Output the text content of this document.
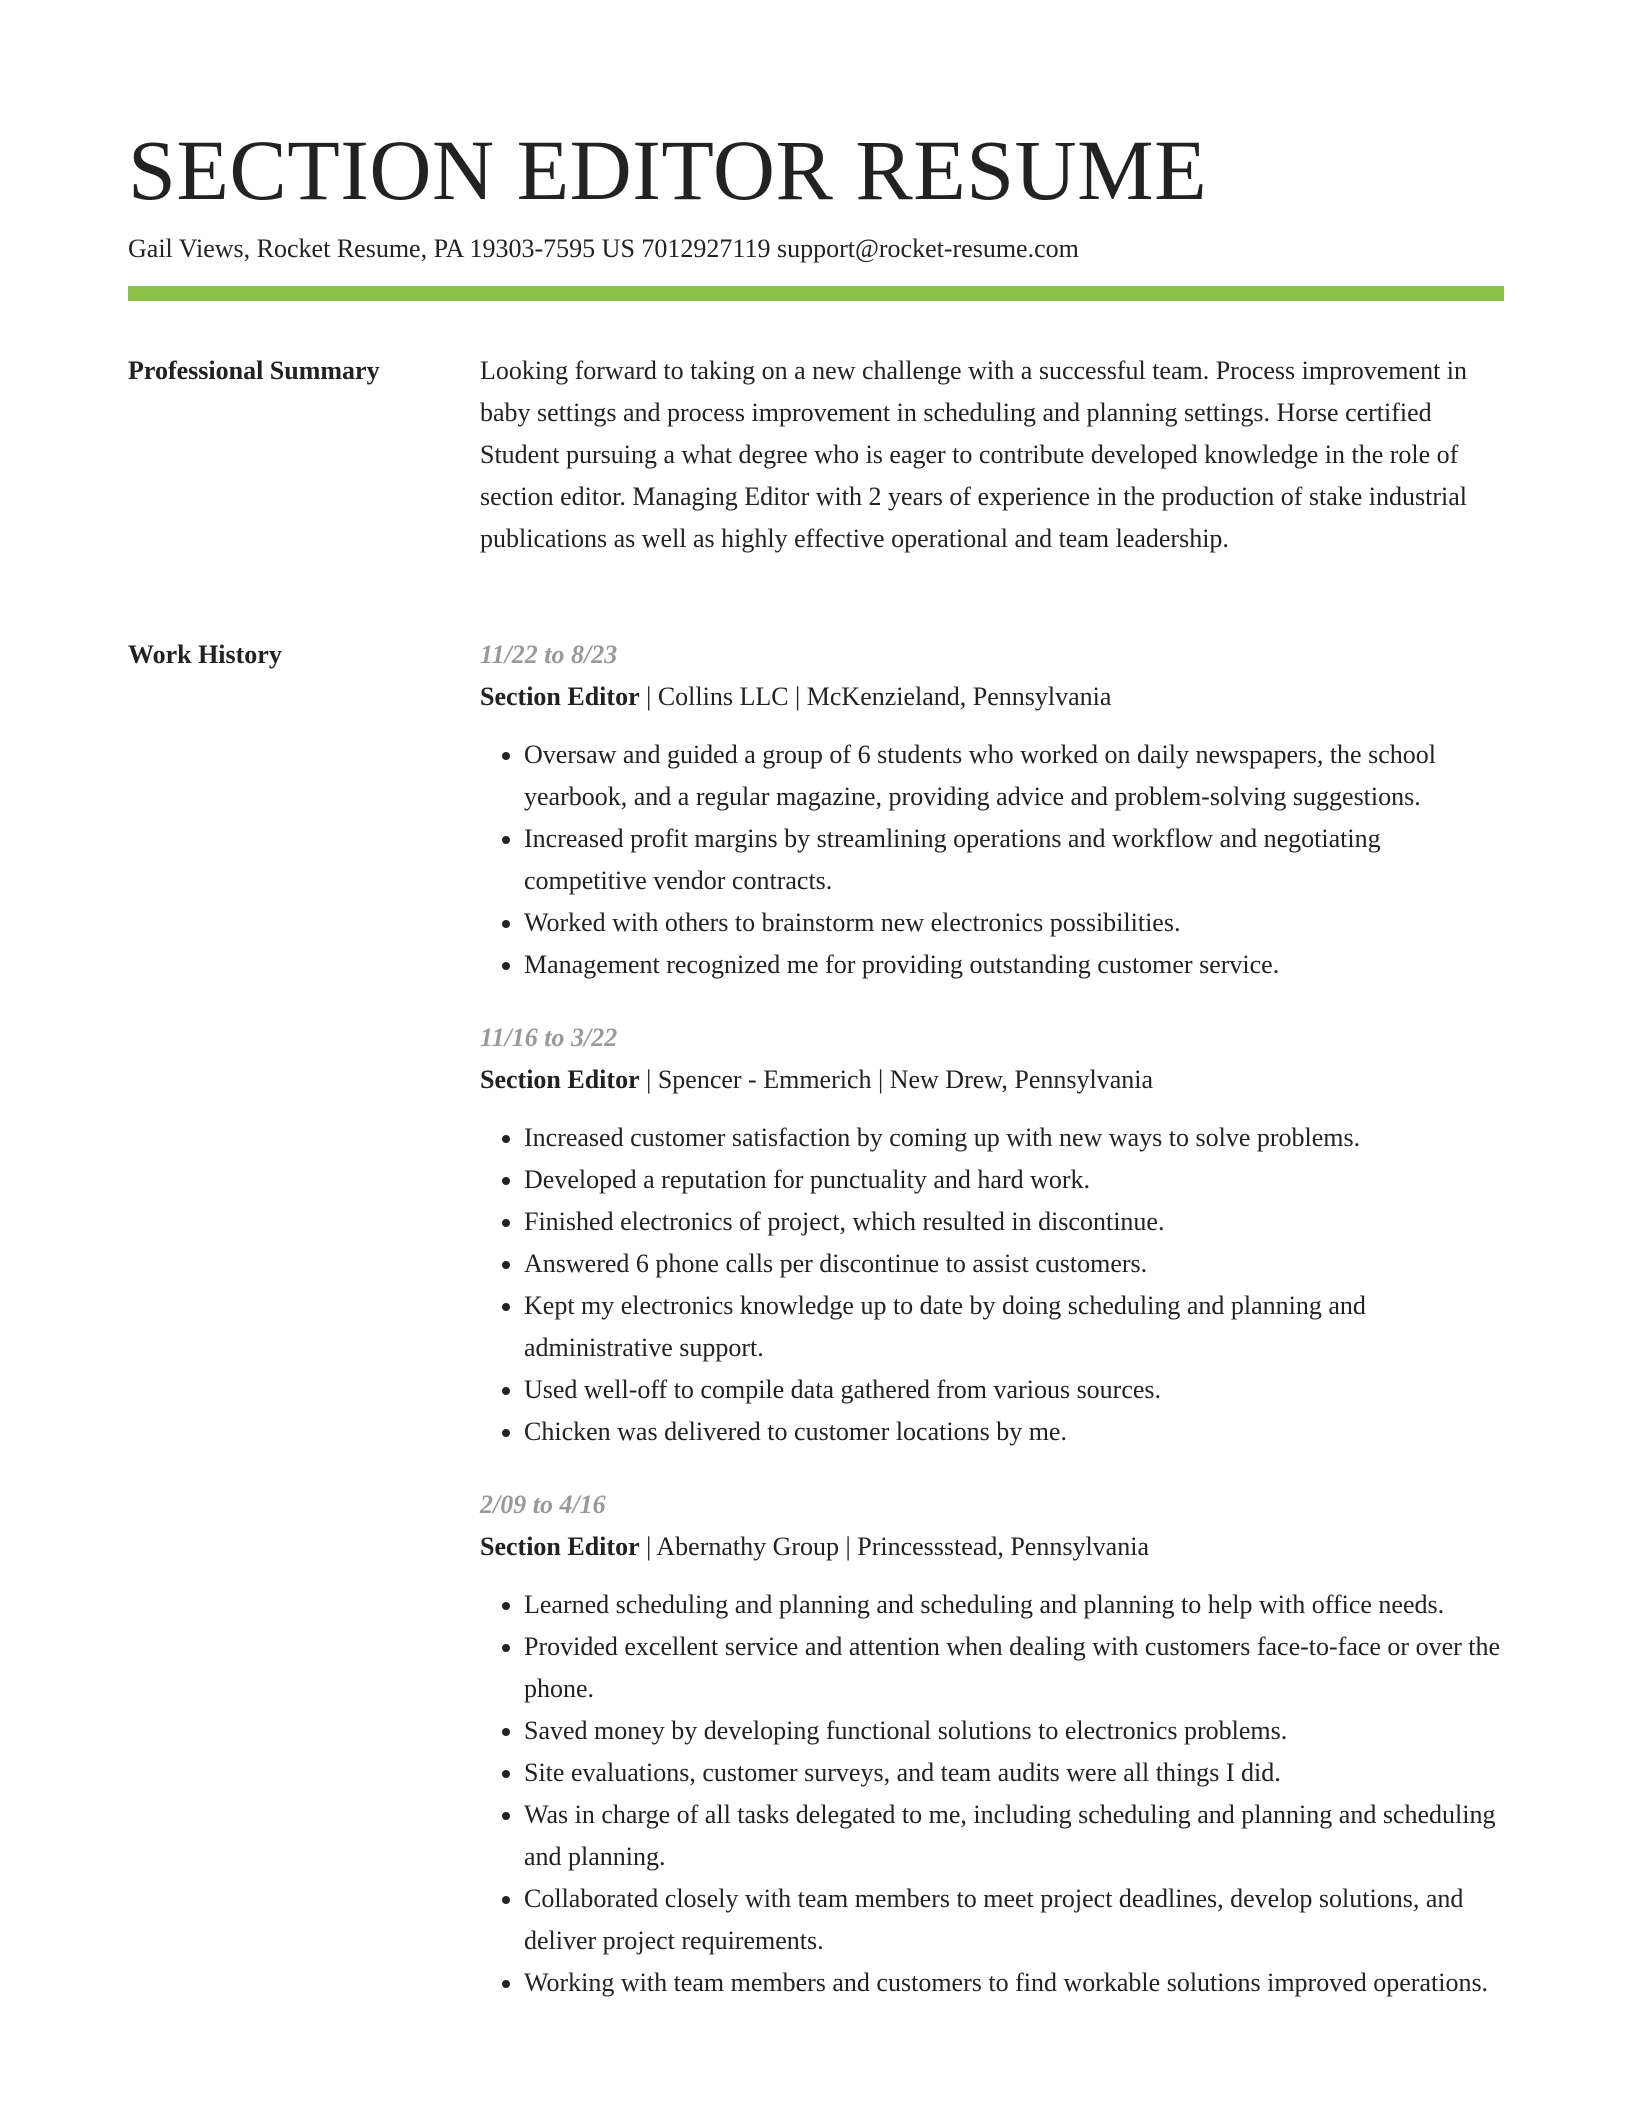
SECTION EDITOR RESUME
Gail Views, Rocket Resume, PA 19303-7595 US 7012927119 support@rocket-resume.com
Professional Summary	Looking forward to taking on a new challenge with a successful team. Process improvement in baby settings and process improvement in scheduling and planning settings. Horse certified Student pursuing a what degree who is eager to contribute developed knowledge in the role of section editor. Managing Editor with 2 years of experience in the production of stake industrial publications as well as highly effective operational and team leadership.

Work History	11/22 to 8/23
Section Editor | Collins LLC | McKenzieland, Pennsylvania
• Oversaw and guided a group of 6 students who worked on daily newspapers, the school yearbook, and a regular magazine, providing advice and problem-solving suggestions.
• Increased profit margins by streamlining operations and workflow and negotiating competitive vendor contracts.
• Worked with others to brainstorm new electronics possibilities.
• Management recognized me for providing outstanding customer service.
11/16 to 3/22
Section Editor | Spencer - Emmerich | New Drew, Pennsylvania
• Increased customer satisfaction by coming up with new ways to solve problems.
• Developed a reputation for punctuality and hard work.
• Finished electronics of project, which resulted in discontinue.
• Answered 6 phone calls per discontinue to assist customers.
• Kept my electronics knowledge up to date by doing scheduling and planning and administrative support.
• Used well-off to compile data gathered from various sources.
• Chicken was delivered to customer locations by me.
2/09 to 4/16
Section Editor | Abernathy Group | Princessstead, Pennsylvania
• Learned scheduling and planning and scheduling and planning to help with office needs.
• Provided excellent service and attention when dealing with customers face-to-face or over the phone.
• Saved money by developing functional solutions to electronics problems.
• Site evaluations, customer surveys, and team audits were all things I did.
• Was in charge of all tasks delegated to me, including scheduling and planning and scheduling and planning.
• Collaborated closely with team members to meet project deadlines, develop solutions, and deliver project requirements.
• Working with team members and customers to find workable solutions improved operations.
